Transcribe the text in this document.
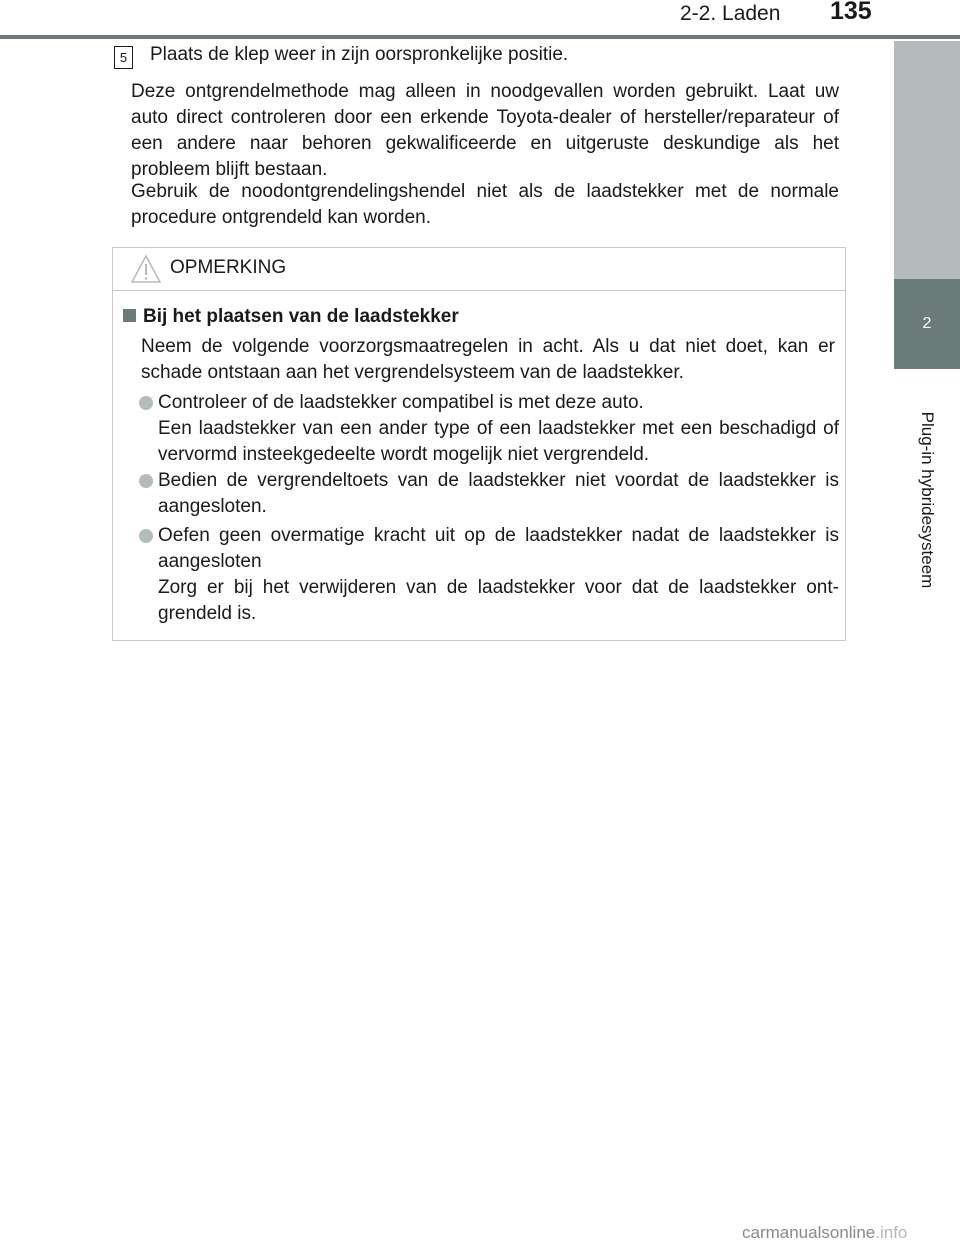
2-2. Laden 135
2
Plug-in hybridesysteem
5	Plaats de klep weer in zijn oorspronkelijke positie.

Deze ontgrendelmethode mag alleen in noodgevallen worden gebruikt. Laat uw auto direct controleren door een erkende Toyota-dealer of hersteller/reparateur of een andere naar behoren gekwalificeerde en uitgeruste deskundige als het probleem blijft bestaan.

Gebruik de noodontgrendelingshendel niet als de laadstekker met de normale procedure ontgrendeld kan worden.

OPMERKING
Bij het plaatsen van de laadstekker

Neem de volgende voorzorgsmaatregelen in acht. Als u dat niet doet, kan er schade ontstaan aan het vergrendelsysteem van de laadstekker.

Controleer of de laadstekker compatibel is met deze auto.

Een laadstekker van een ander type of een laadstekker met een beschadigd of vervormd insteekgedeelte wordt mogelijk niet vergrendeld.

Bedien de vergrendeltoets van de laadstekker niet voordat de laadstekker is aangesloten.

Oefen geen overmatige kracht uit op de laadstekker nadat de laadstekker is aangesloten

Zorg er bij het verwijderen van de laadstekker voor dat de laadstekker ontgrendeld is.

carmanualsonline.info
